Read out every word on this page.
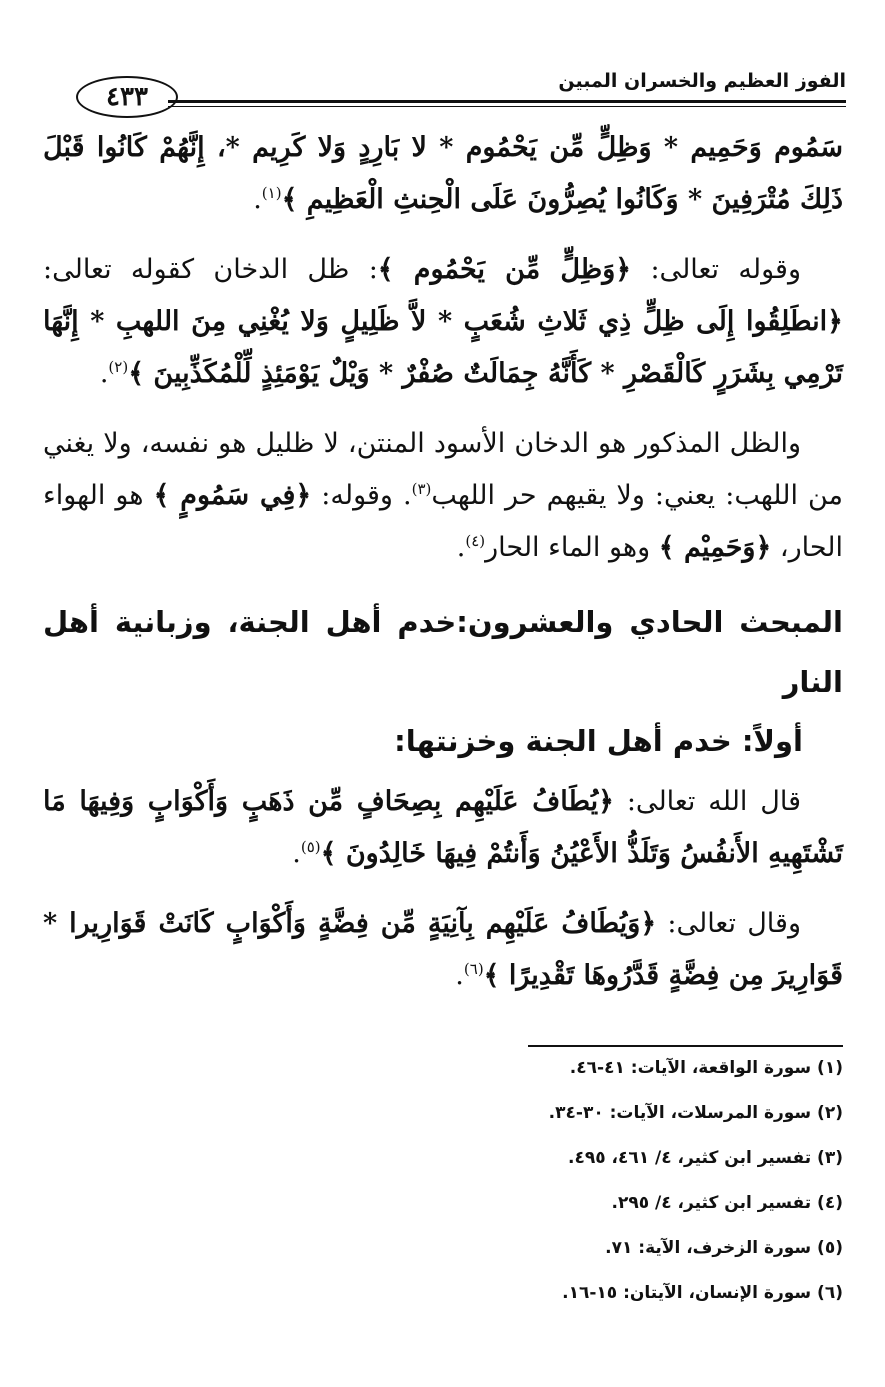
الفوز العظيم والخسران المبين
٤٣٣

سَمُوم وَحَمِيم * وَظِلٍّ مِّن يَحْمُوم * لا بَارِدٍ وَلا كَرِيم *، إِنَّهُمْ كَانُوا قَبْلَ ذَلِكَ مُتْرَفِينَ * وَكَانُوا يُصِرُّونَ عَلَى الْحِنثِ الْعَظِيمِ ﴾$^{(١)}$.

وقوله تعالى: ﴿وَظِلٍّ مِّن يَحْمُوم ﴾: ظل الدخان كقوله تعالى: ﴿انطَلِقُوا إِلَى ظِلٍّ ذِي ثَلاثِ شُعَبٍ * لاَّ ظَلِيلٍ وَلا يُغْنِي مِنَ اللهبِ * إِنَّهَا تَرْمِي بِشَرَرٍ كَالْقَصْرِ * كَأَنَّهُ جِمَالَتٌ صُفْرٌ * وَيْلٌ يَوْمَئِذٍ لِّلْمُكَذِّبِينَ ﴾$^{(٢)}$.

والظل المذكور هو الدخان الأسود المنتن، لا ظليل هو نفسه، ولا يغني من اللهب: يعني: ولا يقيهم حر اللهب$^{(٣)}$. وقوله: ﴿فِي سَمُومٍ ﴾ هو الهواء الحار، ﴿وَحَمِيْم ﴾ وهو الماء الحار$^{(٤)}$.

المبحث الحادي والعشرون:خدم أهل الجنة، وزبانية أهل النار
أولاً: خدم أهل الجنة وخزنتها:

قال الله تعالى: ﴿يُطَافُ عَلَيْهِم بِصِحَافٍ مِّن ذَهَبٍ وَأَكْوَابٍ وَفِيهَا مَا تَشْتَهِيهِ الأَنفُسُ وَتَلَذُّ الأَعْيُنُ وَأَنتُمْ فِيهَا خَالِدُونَ ﴾$^{(٥)}$.

وقال تعالى: ﴿وَيُطَافُ عَلَيْهِم بِآنِيَةٍ مِّن فِضَّةٍ وَأَكْوَابٍ كَانَتْ قَوَارِيرا * قَوَارِيرَ مِن فِضَّةٍ قَدَّرُوهَا تَقْدِيرًا ﴾$^{(٦)}$.

(١) سورة الواقعة، الآيات: ٤١-٤٦.
(٢) سورة المرسلات، الآيات: ٣٠-٣٤.
(٣) تفسير ابن كثير، ٤/ ٤٦١، ٤٩٥.
(٤) تفسير ابن كثير، ٤/ ٢٩٥.
(٥) سورة الزخرف، الآية: ٧١.
(٦) سورة الإنسان، الآيتان: ١٥-١٦.
